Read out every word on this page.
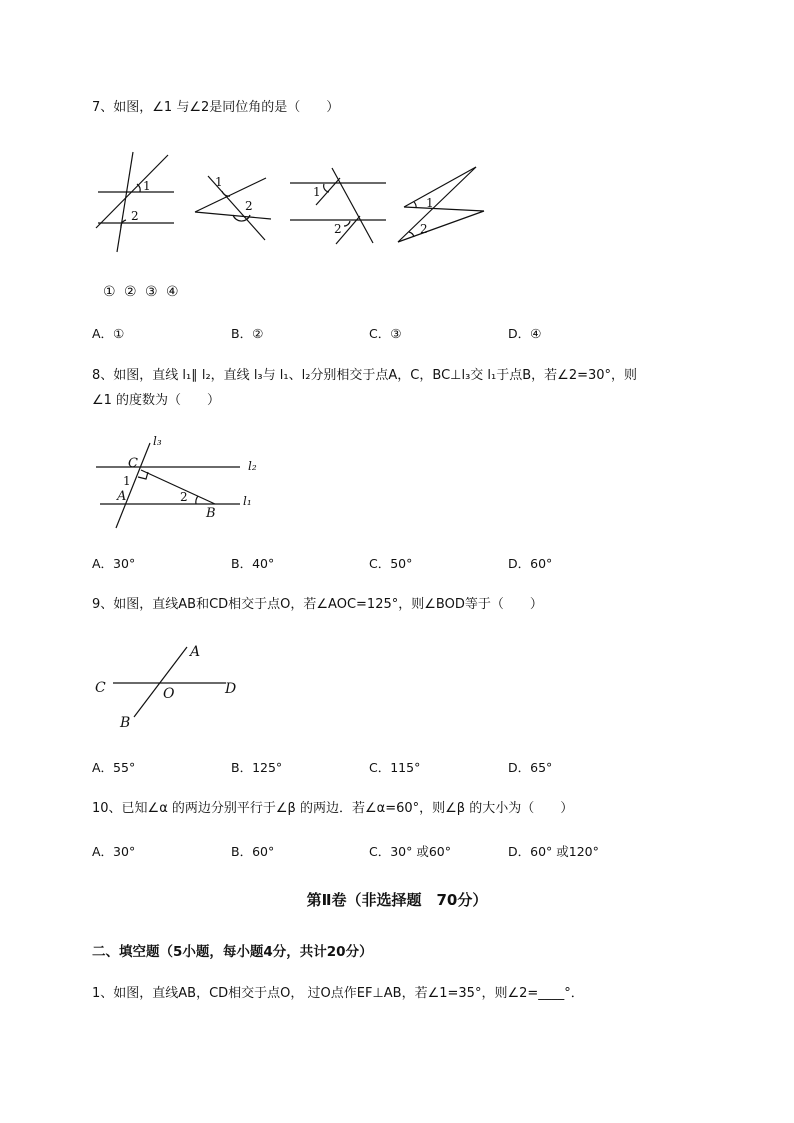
7、如图，∠1 与∠2是同位角的是（　　）
1
2
1
2
1
2
1
2
① ② ③ ④
A．①	B．②	C．③	D．④
8、如图，直线 l₁∥ l₂，直线 l₃与 l₁、l₂分别相交于点A，C，BC⊥l₃交 l₁于点B，若∠2=30°，则
∠1 的度数为（　　）
l₃
l₂
l₁
C
A
B
1
2
A．30°	B．40°	C．50°	D．60°
9、如图，直线AB和CD相交于点O，若∠AOC=125°，则∠BOD等于（　　）
A
C	O	D
B
A．55°	B．125°	C．115°	D．65°
10、已知∠α 的两边分别平行于∠β 的两边．若∠α=60°，则∠β 的大小为（　　）
A．30°	B．60°	C．30° 或60°	D．60° 或120°
第Ⅱ卷（非选择题　70分）
二、填空题（5小题，每小题4分，共计20分）
1、如图，直线AB，CD相交于点O， 过O点作EF⊥AB，若∠1=35°，则∠2=____°．
